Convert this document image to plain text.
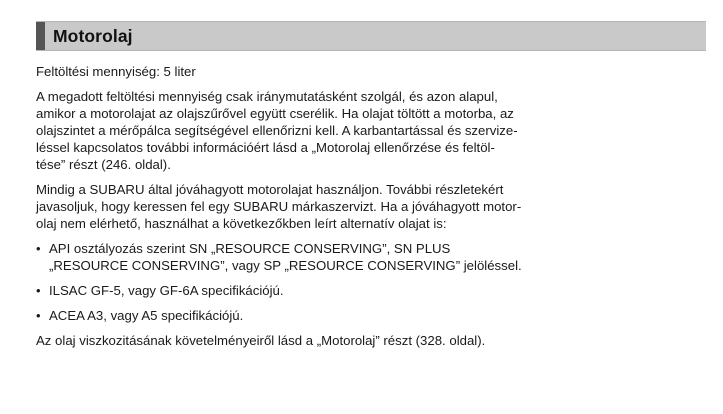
Motorolaj

Feltöltési mennyiség: 5 liter

A megadott feltöltési mennyiség csak iránymutatásként szolgál, és azon alapul,
amikor a motorolajat az olajszűrővel együtt cserélik. Ha olajat töltött a motorba, az
olajszintet a mérőpálca segítségével ellenőrizni kell. A karbantartással és szervize-
léssel kapcsolatos további információért lásd a „Motorolaj ellenőrzése és feltöl-
tése” részt (246. oldal).
Mindig a SUBARU által jóváhagyott motorolajat használjon. További részletekért
javasoljuk, hogy keressen fel egy SUBARU márkaszervizt. Ha a jóváhagyott motor-
olaj nem elérhető, használhat a következőkben leírt alternatív olajat is:
• API osztályozás szerint SN „RESOURCE CONSERVING”, SN PLUS
„RESOURCE CONSERVING”, vagy SP „RESOURCE CONSERVING” jelöléssel.
• ILSAC GF-5, vagy GF-6A specifikációjú.
• ACEA A3, vagy A5 specifikációjú.

Az olaj viszkozitásának követelményeiről lásd a „Motorolaj” részt (328. oldal).
